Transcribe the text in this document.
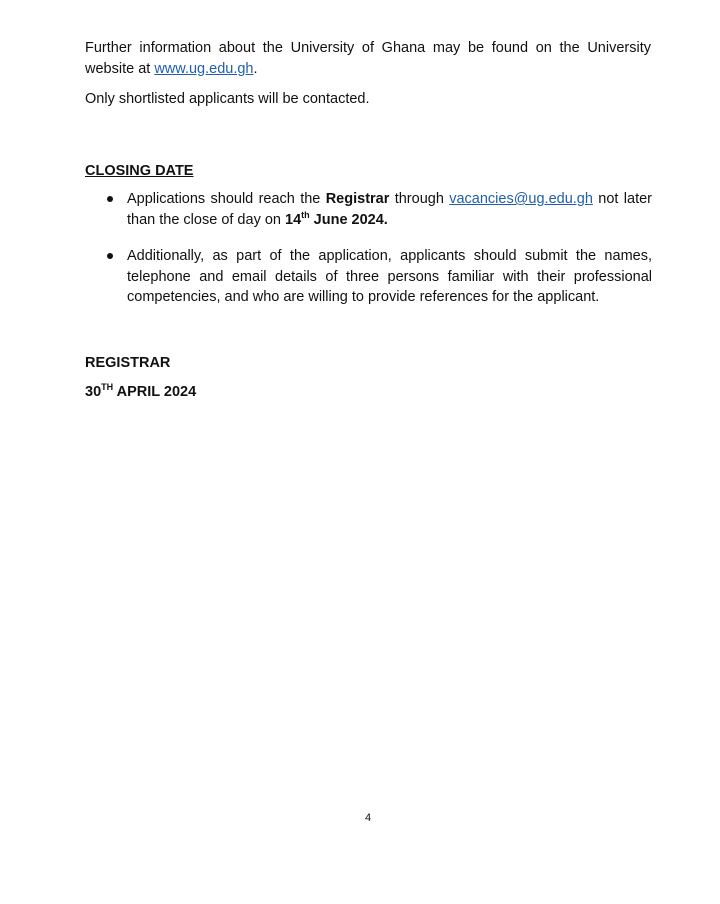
Further information about the University of Ghana may be found on the University website at www.ug.edu.gh.
Only shortlisted applicants will be contacted.
CLOSING DATE
Applications should reach the Registrar through vacancies@ug.edu.gh not later than the close of day on 14th June 2024.
Additionally, as part of the application, applicants should submit the names, telephone and email details of three persons familiar with their professional competencies, and who are willing to provide references for the applicant.
REGISTRAR
30TH APRIL 2024
4
